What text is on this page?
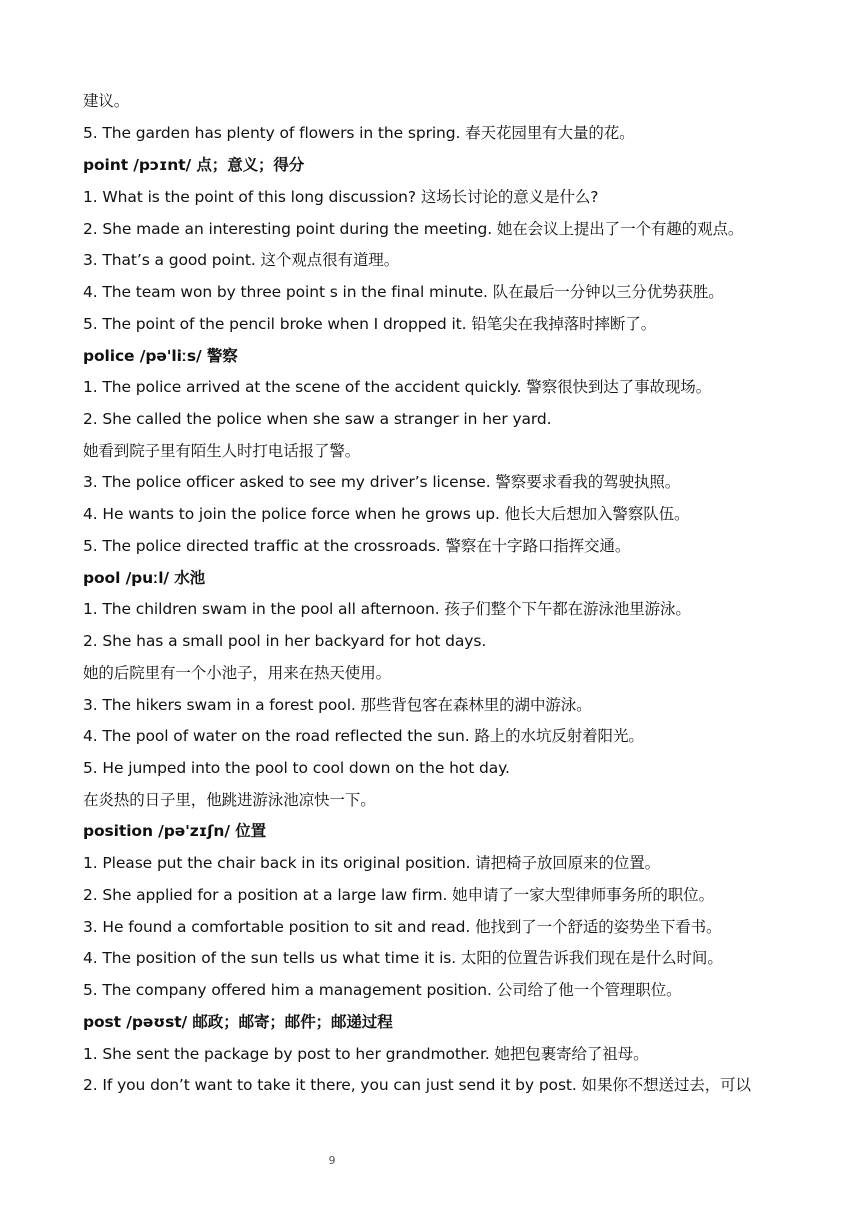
建议。
5. The garden has plenty of flowers in the spring. 春天花园里有大量的花。
point /pɔɪnt/ 点；意义；得分
1. What is the point of this long discussion? 这场长讨论的意义是什么?
2. She made an interesting point during the meeting. 她在会议上提出了一个有趣的观点。
3. That’s a good point. 这个观点很有道理。
4. The team won by three point s in the final minute. 队在最后一分钟以三分优势获胜。
5. The point of the pencil broke when I dropped it. 铅笔尖在我掉落时摔断了。
police /pə'liːs/ 警察
1. The police arrived at the scene of the accident quickly. 警察很快到达了事故现场。
2. She called the police when she saw a stranger in her yard.
她看到院子里有陌生人时打电话报了警。
3. The police officer asked to see my driver’s license. 警察要求看我的驾驶执照。
4. He wants to join the police force when he grows up. 他长大后想加入警察队伍。
5. The police directed traffic at the crossroads. 警察在十字路口指挥交通。
pool /puːl/ 水池
1. The children swam in the pool all afternoon. 孩子们整个下午都在游泳池里游泳。
2. She has a small pool in her backyard for hot days.
她的后院里有一个小池子，用来在热天使用。
3. The hikers swam in a forest pool. 那些背包客在森林里的湖中游泳。
4. The pool of water on the road reflected the sun. 路上的水坑反射着阳光。
5. He jumped into the pool to cool down on the hot day.
在炎热的日子里，他跳进游泳池凉快一下。
position /pə'zɪʃn/ 位置
1. Please put the chair back in its original position. 请把椅子放回原来的位置。
2. She applied for a position at a large law firm. 她申请了一家大型律师事务所的职位。
3. He found a comfortable position to sit and read. 他找到了一个舒适的姿势坐下看书。
4. The position of the sun tells us what time it is. 太阳的位置告诉我们现在是什么时间。
5. The company offered him a management position. 公司给了他一个管理职位。
post /pəʊst/ 邮政；邮寄；邮件；邮递过程
1. She sent the package by post to her grandmother. 她把包裹寄给了祖母。
2. If you don’t want to take it there, you can just send it by post. 如果你不想送过去，可以
9
